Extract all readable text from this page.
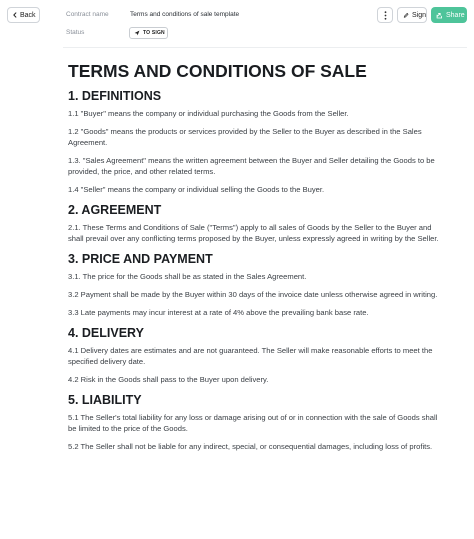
Back	Contract name	Terms and conditions of sale template
Status	TO SIGN
Sign	Share
TERMS AND CONDITIONS OF SALE
1. DEFINITIONS

1.1 "Buyer" means the company or individual purchasing the Goods from the Seller.

1.2 "Goods" means the products or services provided by the Seller to the Buyer as described in the Sales Agreement.

1.3. "Sales Agreement" means the written agreement between the Buyer and Seller detailing the Goods to be provided, the price, and other related terms.

1.4 "Seller" means the company or individual selling the Goods to the Buyer.

2. AGREEMENT

2.1. These Terms and Conditions of Sale ("Terms") apply to all sales of Goods by the Seller to the Buyer and shall prevail over any conflicting terms proposed by the Buyer, unless expressly agreed in writing by the Seller.

3. PRICE AND PAYMENT

3.1. The price for the Goods shall be as stated in the Sales Agreement.

3.2 Payment shall be made by the Buyer within 30 days of the invoice date unless otherwise agreed in writing.

3.3 Late payments may incur interest at a rate of 4% above the prevailing bank base rate.

4. DELIVERY

4.1 Delivery dates are estimates and are not guaranteed. The Seller will make reasonable efforts to meet the specified delivery date.

4.2 Risk in the Goods shall pass to the Buyer upon delivery.

5. LIABILITY

5.1 The Seller's total liability for any loss or damage arising out of or in connection with the sale of Goods shall be limited to the price of the Goods.

5.2 The Seller shall not be liable for any indirect, special, or consequential damages, including loss of profits.
